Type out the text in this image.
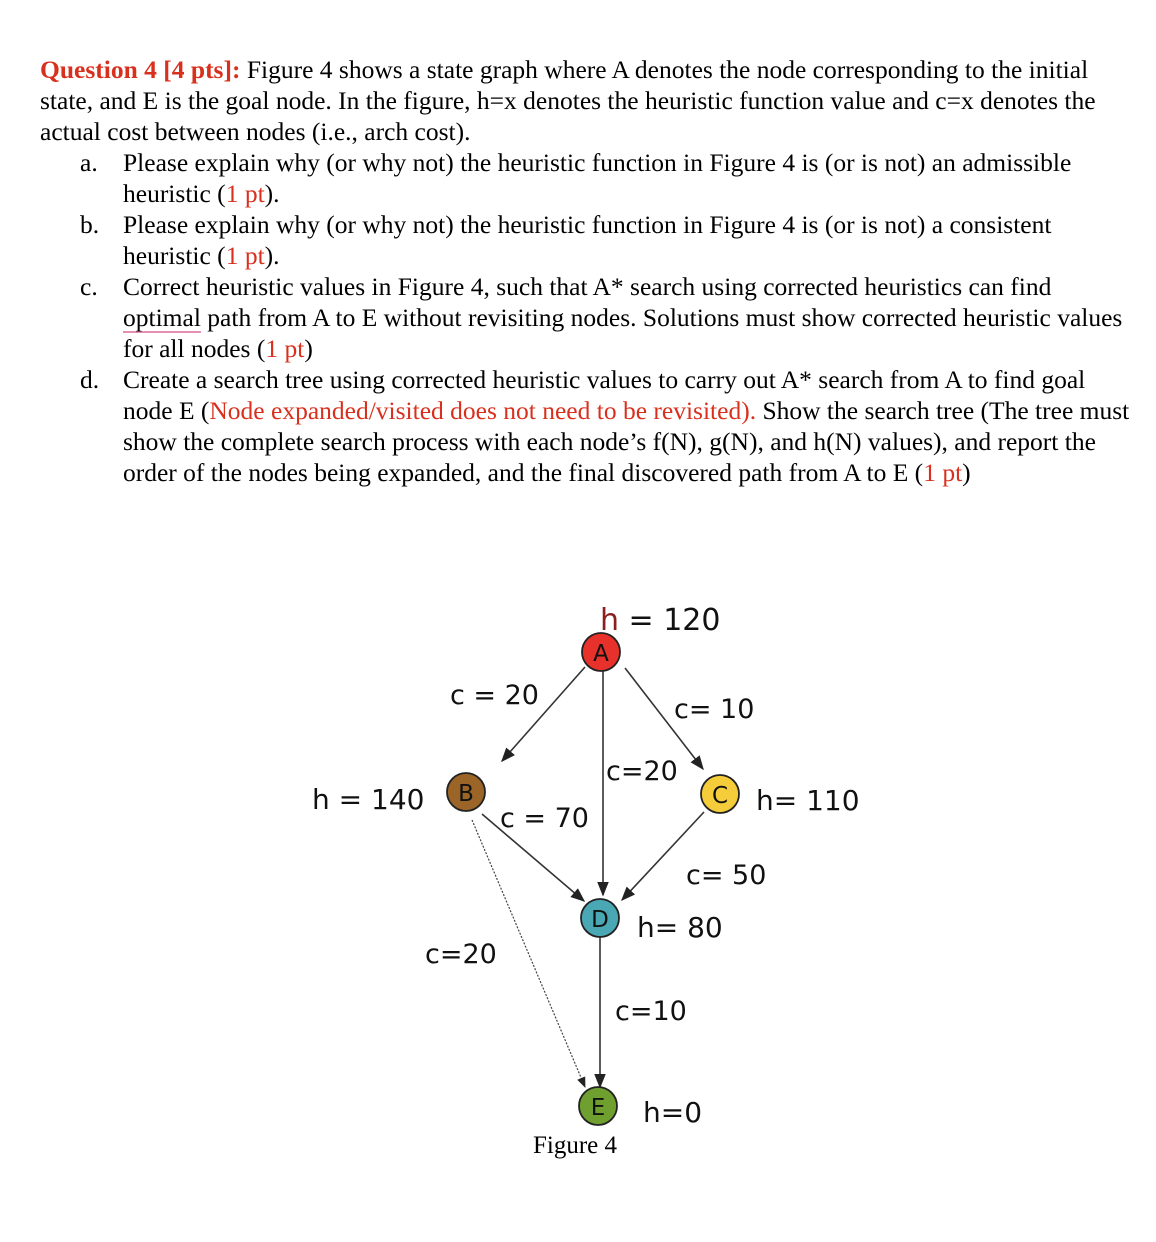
Question 4 [4 pts]: Figure 4 shows a state graph where A denotes the node corresponding to the initial state, and E is the goal node. In the figure, h=x denotes the heuristic function value and c=x denotes the actual cost between nodes (i.e., arch cost).

a. Please explain why (or why not) the heuristic function in Figure 4 is (or is not) an admissible heuristic (1 pt).
b. Please explain why (or why not) the heuristic function in Figure 4 is (or is not) a consistent heuristic (1 pt).
c. Correct heuristic values in Figure 4, such that A* search using corrected heuristics can find optimal path from A to E without revisiting nodes. Solutions must show corrected heuristic values for all nodes (1 pt)
d. Create a search tree using corrected heuristic values to carry out A* search from A to find goal node E (Node expanded/visited does not need to be revisited). Show the search tree (The tree must show the complete search process with each node’s f(N), g(N), and h(N) values), and report the order of the nodes being expanded, and the final discovered path from A to E (1 pt)
A
B	C
D
E
h = 120
h = 140	h= 110
h= 80
h=0
c = 20	c= 10
c=20
c = 70
c= 50
c=20
c=10
Figure 4
